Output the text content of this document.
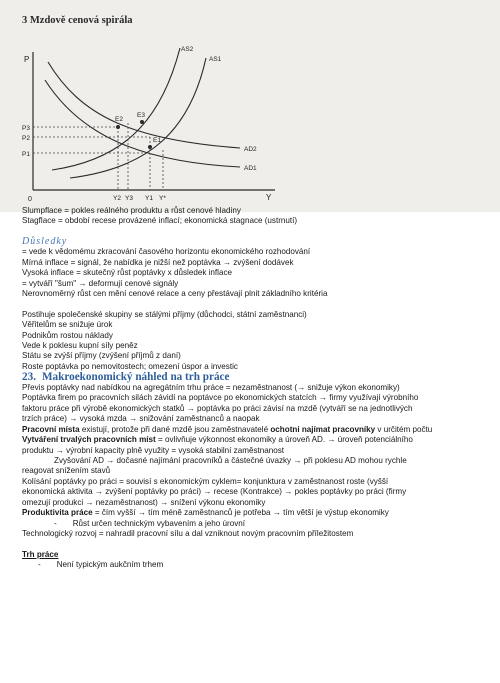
3 Mzdově cenová spirála
P
Y
0
AS2
AS1
AD2
AD1
E3
E2
E1
P3
P2
P1
Y2 Y3 Y1 Y*

Slumpflace = pokles reálného produktu a růst cenové hladiny

Stagflace = období recese provázené inflací; ekonomická stagnace (ustrnutí)

Důsledky

= vede k vědomému zkracování časového horizontu ekonomického rozhodování

Mírná inflace = signál, že nabídka je nižší než poptávka → zvýšení dodávek

Vysoká inflace = skutečný růst poptávky x důsledek inflace

= vytváří "šum" → deformují cenové signály

Nerovnoměrný růst cen mění cenové relace a ceny přestávají plnit základního kritéria

Postihuje společenské skupiny se stálými příjmy (důchodci, státní zaměstnanci)

Věřitelům se snižuje úrok

Podnikům rostou náklady

Vede k poklesu kupní síly peněz

Státu se zvýší příjmy (zvýšení příjmů z daní)

Roste poptávka po nemovitostech; omezení úspor a investic

23. Makroekonomický náhled na trh práce

Převis poptávky nad nabídkou na agregátním trhu práce = nezaměstnanost (→ snižuje výkon ekonomiky)

Poptávka firem po pracovních silách závidí na poptávce po ekonomických statcích → firmy využívají výrobního

faktoru práce při výrobě ekonomických statků → poptávka po práci závisí na mzdě (vytváří se na jednotlivých

trzích práce) → vysoká mzda → snižování zaměstnanců a naopak

Pracovní místa existují, protože při dané mzdě jsou zaměstnavatelé ochotni najímat pracovníky v určitém počtu

Vytváření trvalých pracovních míst = ovlivňuje výkonnost ekonomiky a úroveň AD. → úroveň potenciálního

produktu → výrobní kapacity plně využity = vysoká stabilní zaměstnanost

Zvyšování AD → dočasné najímání pracovníků a částečné úvazky → při poklesu AD mohou rychle

reagovat snížením stavů

Kolísání poptávky po práci = souvisí s ekonomickým cyklem= konjunktura v zaměstnanost roste (vyšší

ekonomická aktivita → zvýšení poptávky po práci) → recese (Kontrakce) → pokles poptávky po práci (firmy

omezují produkci → nezaměstnanost) → snížení výkonu ekonomiky

Produktivita práce = čím vyšší → tím méně zaměstnanců je potřeba → tím větší je výstup ekonomiky

- Růst určen technickým vybavením a jeho úrovní

Technologický rozvoj = nahradil pracovní sílu a dal vzniknout novým pracovním příležitostem

Trh práce

- Není typickým aukčním trhem
